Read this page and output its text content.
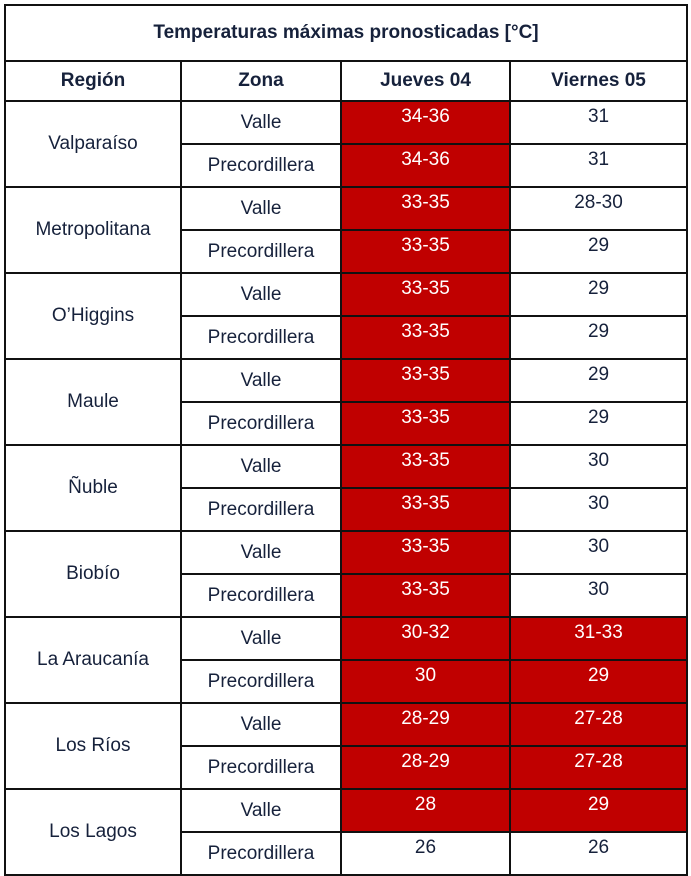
Temperaturas máximas pronosticadas [°C]			
Región	Zona	Jueves 04	Viernes 05
Valparaíso	Valle	34-36	31
	Precordillera	34-36	31
Metropolitana	Valle	33-35	28-30
	Precordillera	33-35	29
O’Higgins	Valle	33-35	29
	Precordillera	33-35	29
Maule	Valle	33-35	29
	Precordillera	33-35	29
Ñuble	Valle	33-35	30
	Precordillera	33-35	30
Biobío	Valle	33-35	30
	Precordillera	33-35	30
La Araucanía	Valle	30-32	31-33
	Precordillera	30	29
Los Ríos	Valle	28-29	27-28
	Precordillera	28-29	27-28
Los Lagos	Valle	28	29
	Precordillera	26	26
